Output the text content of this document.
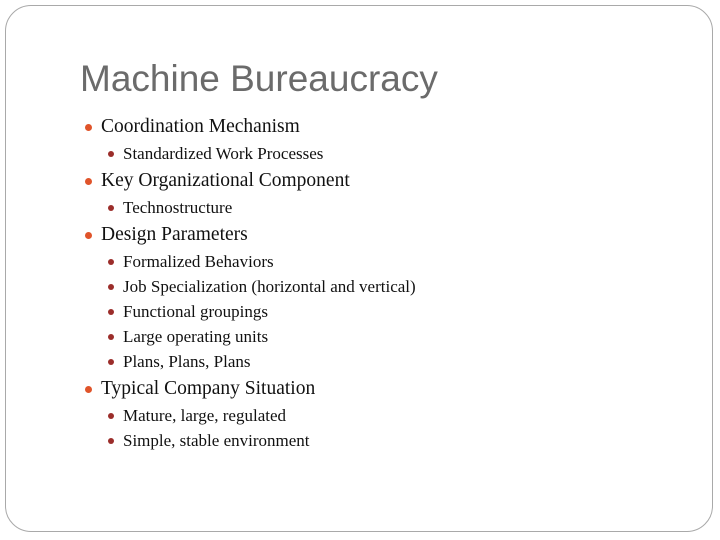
Machine Bureaucracy
Coordination Mechanism
Standardized Work Processes
Key Organizational Component
Technostructure
Design Parameters
Formalized Behaviors
Job Specialization (horizontal and vertical)
Functional groupings
Large operating units
Plans, Plans, Plans
Typical Company Situation
Mature, large, regulated
Simple, stable environment
